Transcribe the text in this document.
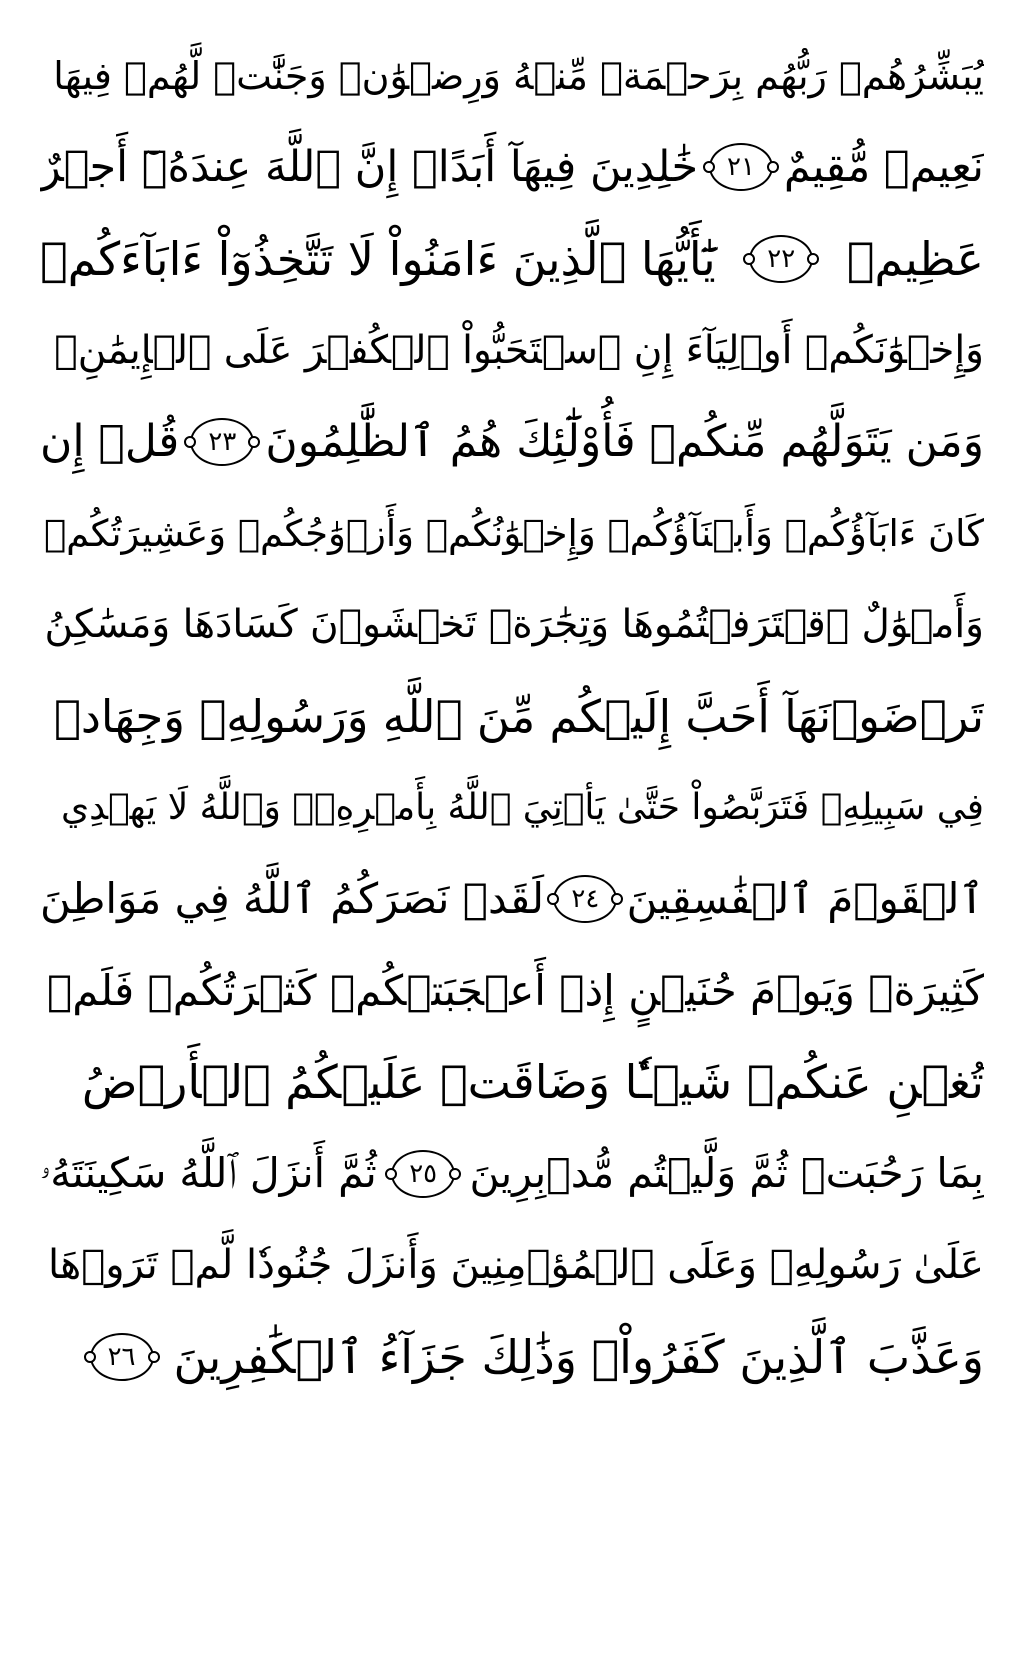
يُبَشِّرُهُمۡ رَبُّهُم بِرَحۡمَةٖ مِّنۡهُ وَرِضۡوَٰنٖ وَجَنَّٰتٖ لَّهُمۡ فِيهَا
نَعِيمٞ مُّقِيمٌ
٢١
خَٰلِدِينَ فِيهَآ أَبَدًاۚ إِنَّ ٱللَّهَ عِندَهُۥٓ أَجۡرٌ
عَظِيمٞ
٢٢
يَٰٓأَيُّهَا ٱلَّذِينَ ءَامَنُواْ لَا تَتَّخِذُوٓاْ ءَابَآءَكُمۡ
وَإِخۡوَٰنَكُمۡ أَوۡلِيَآءَ إِنِ ٱسۡتَحَبُّواْ ٱلۡكُفۡرَ عَلَى ٱلۡإِيمَٰنِۚ
وَمَن يَتَوَلَّهُم مِّنكُمۡ فَأُوْلَٰٓئِكَ هُمُ ٱلظَّٰلِمُونَ
٢٣
قُلۡ إِن
كَانَ ءَابَآؤُكُمۡ وَأَبۡنَآؤُكُمۡ وَإِخۡوَٰنُكُمۡ وَأَزۡوَٰجُكُمۡ وَعَشِيرَتُكُمۡ
وَأَمۡوَٰلٌ ٱقۡتَرَفۡتُمُوهَا وَتِجَٰرَةٞ تَخۡشَوۡنَ كَسَادَهَا وَمَسَٰكِنُ
تَرۡضَوۡنَهَآ أَحَبَّ إِلَيۡكُم مِّنَ ٱللَّهِ وَرَسُولِهِۦ وَجِهَادٖ
فِي سَبِيلِهِۦ فَتَرَبَّصُواْ حَتَّىٰ يَأۡتِيَ ٱللَّهُ بِأَمۡرِهِۦۗ وَٱللَّهُ لَا يَهۡدِي
ٱلۡقَوۡمَ ٱلۡفَٰسِقِينَ
٢٤
لَقَدۡ نَصَرَكُمُ ٱللَّهُ فِي مَوَاطِنَ
كَثِيرَةٖ وَيَوۡمَ حُنَيۡنٍ إِذۡ أَعۡجَبَتۡكُمۡ كَثۡرَتُكُمۡ فَلَمۡ
تُغۡنِ عَنكُمۡ شَيۡـٔٗا وَضَاقَتۡ عَلَيۡكُمُ ٱلۡأَرۡضُ
بِمَا رَحُبَتۡ ثُمَّ وَلَّيۡتُم مُّدۡبِرِينَ
٢٥
ثُمَّ أَنزَلَ ٱللَّهُ سَكِينَتَهُۥ
عَلَىٰ رَسُولِهِۦ وَعَلَى ٱلۡمُؤۡمِنِينَ وَأَنزَلَ جُنُودٗا لَّمۡ تَرَوۡهَا
وَعَذَّبَ ٱلَّذِينَ كَفَرُواْۚ وَذَٰلِكَ جَزَآءُ ٱلۡكَٰفِرِينَ
٢٦
